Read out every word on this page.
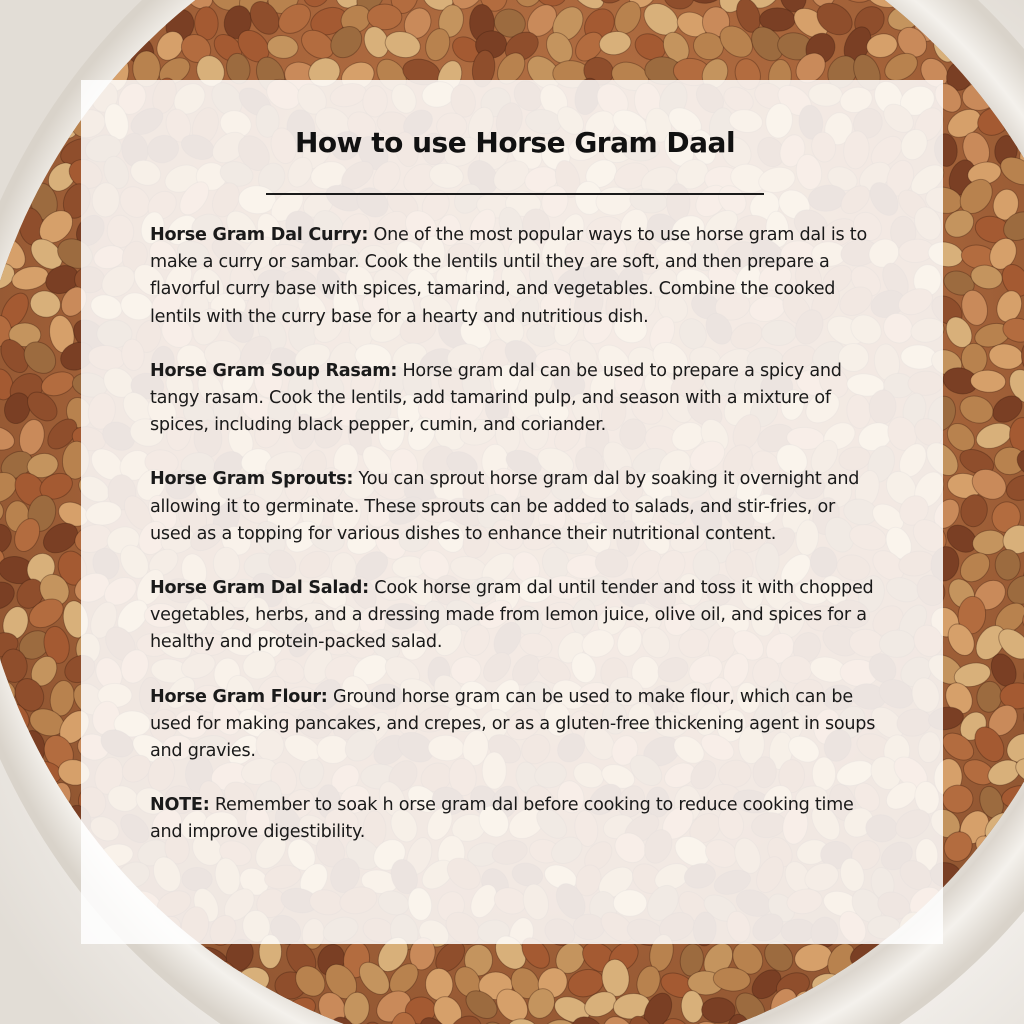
How to use Horse Gram Daal

Horse Gram Dal Curry: One of the most popular ways to use horse gram dal is to make a curry or sambar. Cook the lentils until they are soft, and then prepare a flavorful curry base with spices, tamarind, and vegetables. Combine the cooked lentils with the curry base for a hearty and nutritious dish.

Horse Gram Soup Rasam: Horse gram dal can be used to prepare a spicy and tangy rasam. Cook the lentils, add tamarind pulp, and season with a mixture of spices, including black pepper, cumin, and coriander.

Horse Gram Sprouts: You can sprout horse gram dal by soaking it overnight and allowing it to germinate. These sprouts can be added to salads, and stir-fries, or used as a topping for various dishes to enhance their nutritional content.

Horse Gram Dal Salad: Cook horse gram dal until tender and toss it with chopped vegetables, herbs, and a dressing made from lemon juice, olive oil, and spices for a healthy and protein-packed salad.

Horse Gram Flour: Ground horse gram can be used to make flour, which can be used for making pancakes, and crepes, or as a gluten-free thickening agent in soups and gravies.

NOTE: Remember to soak h orse gram dal before cooking to reduce cooking time and improve digestibility.
